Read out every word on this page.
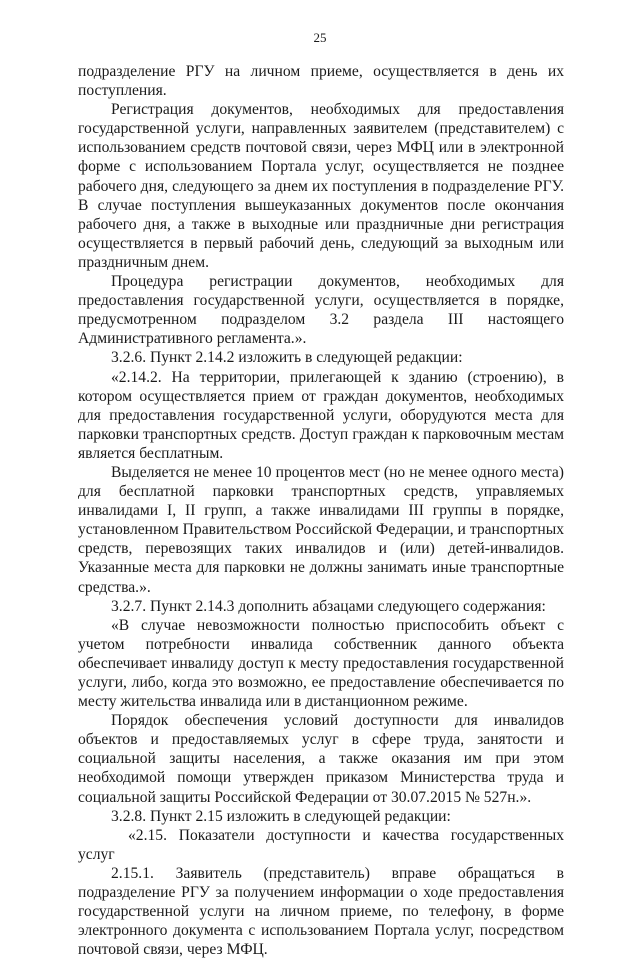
25

подразделение РГУ на личном приеме, осуществляется в день их поступления.

Регистрация документов, необходимых для предоставления государственной услуги, направленных заявителем (представителем) с использованием средств почтовой связи, через МФЦ или в электронной форме с использованием Портала услуг, осуществляется не позднее рабочего дня, следующего за днем их поступления в подразделение РГУ. В случае поступления вышеуказанных документов после окончания рабочего дня, а также в выходные или праздничные дни регистрация осуществляется в первый рабочий день, следующий за выходным или праздничным днем.

Процедура регистрации документов, необходимых для предоставления государственной услуги, осуществляется в порядке, предусмотренном подразделом 3.2 раздела III настоящего Административного регламента.».

3.2.6. Пункт 2.14.2 изложить в следующей редакции:

«2.14.2. На территории, прилегающей к зданию (строению), в котором осуществляется прием от граждан документов, необходимых для предоставления государственной услуги, оборудуются места для парковки транспортных средств. Доступ граждан к парковочным местам является бесплатным.

Выделяется не менее 10 процентов мест (но не менее одного места) для бесплатной парковки транспортных средств, управляемых инвалидами I, II групп, а также инвалидами III группы в порядке, установленном Правительством Российской Федерации, и транспортных средств, перевозящих таких инвалидов и (или) детей-инвалидов. Указанные места для парковки не должны занимать иные транспортные средства.».

3.2.7. Пункт 2.14.3 дополнить абзацами следующего содержания:

«В случае невозможности полностью приспособить объект с учетом потребности инвалида собственник данного объекта обеспечивает инвалиду доступ к месту предоставления государственной услуги, либо, когда это возможно, ее предоставление обеспечивается по месту жительства инвалида или в дистанционном режиме.

Порядок обеспечения условий доступности для инвалидов объектов и предоставляемых услуг в сфере труда, занятости и социальной защиты населения, а также оказания им при этом необходимой помощи утвержден приказом Министерства труда и социальной защиты Российской Федерации от 30.07.2015 № 527н.».

3.2.8. Пункт 2.15 изложить в следующей редакции:

«2.15. Показатели доступности и качества государственных услуг

2.15.1. Заявитель (представитель) вправе обращаться в подразделение РГУ за получением информации о ходе предоставления государственной услуги на личном приеме, по телефону, в форме электронного документа с использованием Портала услуг, посредством почтовой связи, через МФЦ.
